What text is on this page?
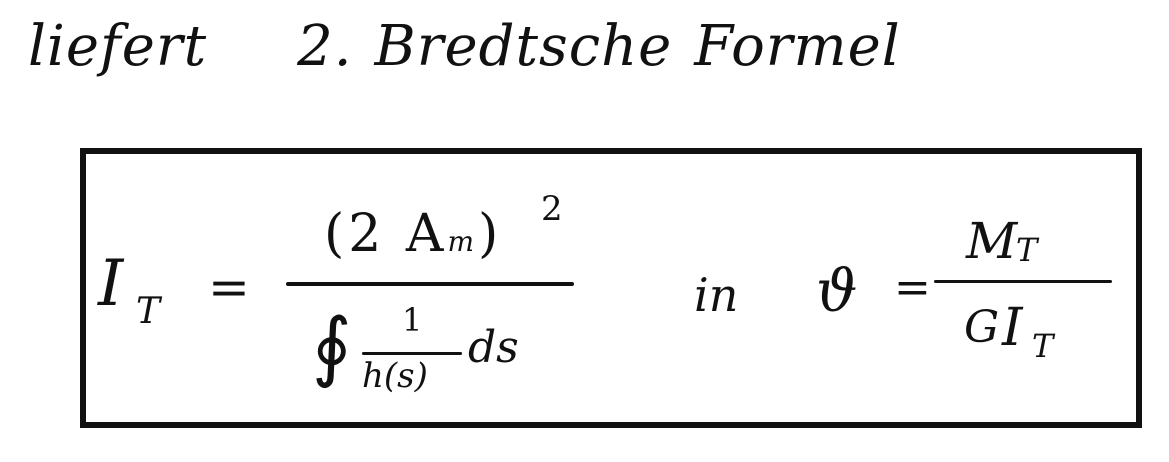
liefert 2. Bredtsche Formel
I T =
(2 Am) 2
∮ 1
h(s)
ds
in ϑ =
M
T
G I T
